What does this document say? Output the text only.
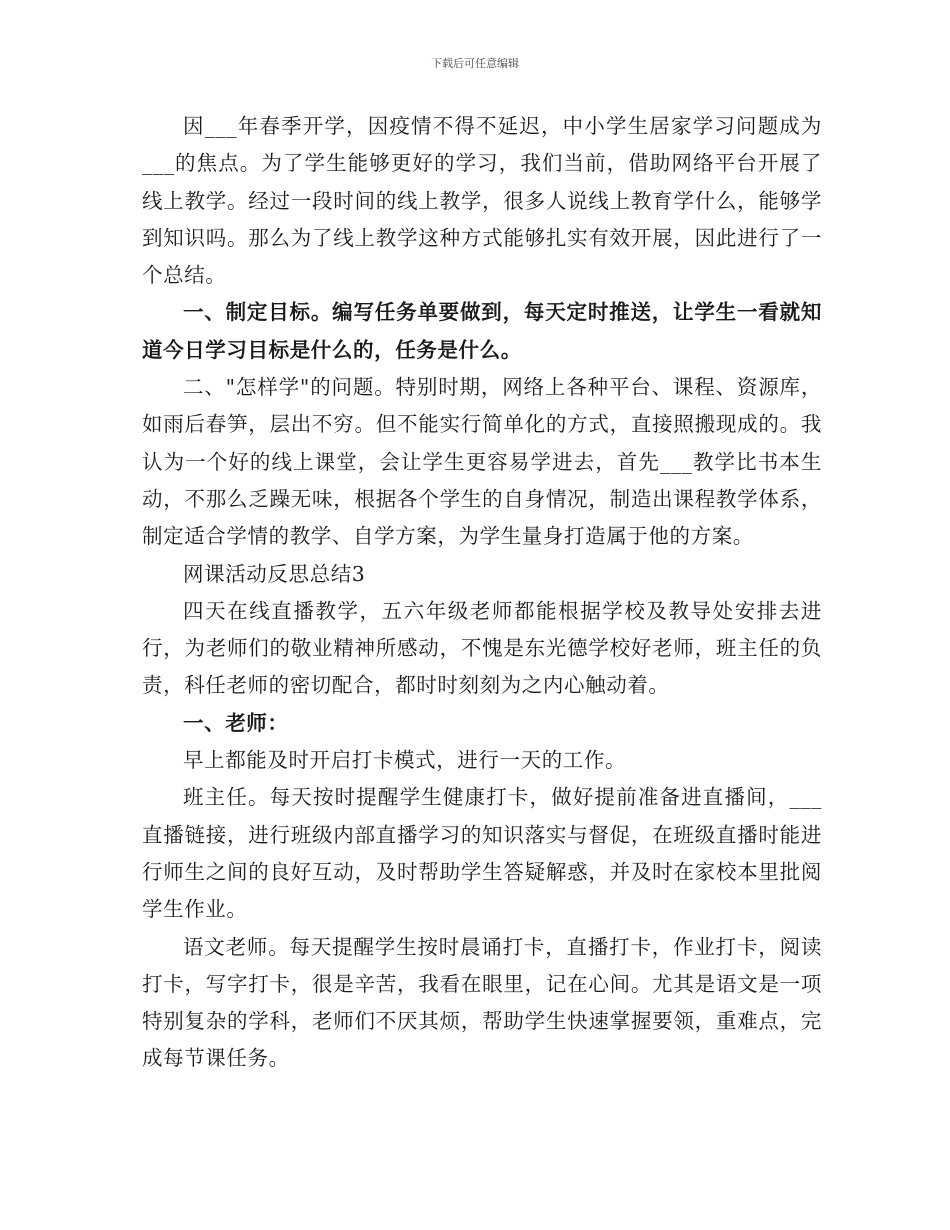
下载后可任意编辑

因___年春季开学，因疫情不得不延迟，中小学生居家学习问题成为___的焦点。为了学生能够更好的学习，我们当前，借助网络平台开展了线上教学。经过一段时间的线上教学，很多人说线上教育学什么，能够学到知识吗。那么为了线上教学这种方式能够扎实有效开展，因此进行了一个总结。

一、制定目标。编写任务单要做到，每天定时推送，让学生一看就知道今日学习目标是什么的，任务是什么。

二、"怎样学"的问题。特别时期，网络上各种平台、课程、资源库，如雨后春笋，层出不穷。但不能实行简单化的方式，直接照搬现成的。我认为一个好的线上课堂，会让学生更容易学进去，首先___教学比书本生动，不那么乏躁无味，根据各个学生的自身情况，制造出课程教学体系，制定适合学情的教学、自学方案，为学生量身打造属于他的方案。

网课活动反思总结3

四天在线直播教学，五六年级老师都能根据学校及教导处安排去进行，为老师们的敬业精神所感动，不愧是东光德学校好老师，班主任的负责，科任老师的密切配合，都时时刻刻为之内心触动着。

一、老师：

早上都能及时开启打卡模式，进行一天的工作。

班主任。每天按时提醒学生健康打卡，做好提前准备进直播间，___直播链接，进行班级内部直播学习的知识落实与督促，在班级直播时能进行师生之间的良好互动，及时帮助学生答疑解惑，并及时在家校本里批阅学生作业。

语文老师。每天提醒学生按时晨诵打卡，直播打卡，作业打卡，阅读打卡，写字打卡，很是辛苦，我看在眼里，记在心间。尤其是语文是一项特别复杂的学科，老师们不厌其烦，帮助学生快速掌握要领，重难点，完成每节课任务。
